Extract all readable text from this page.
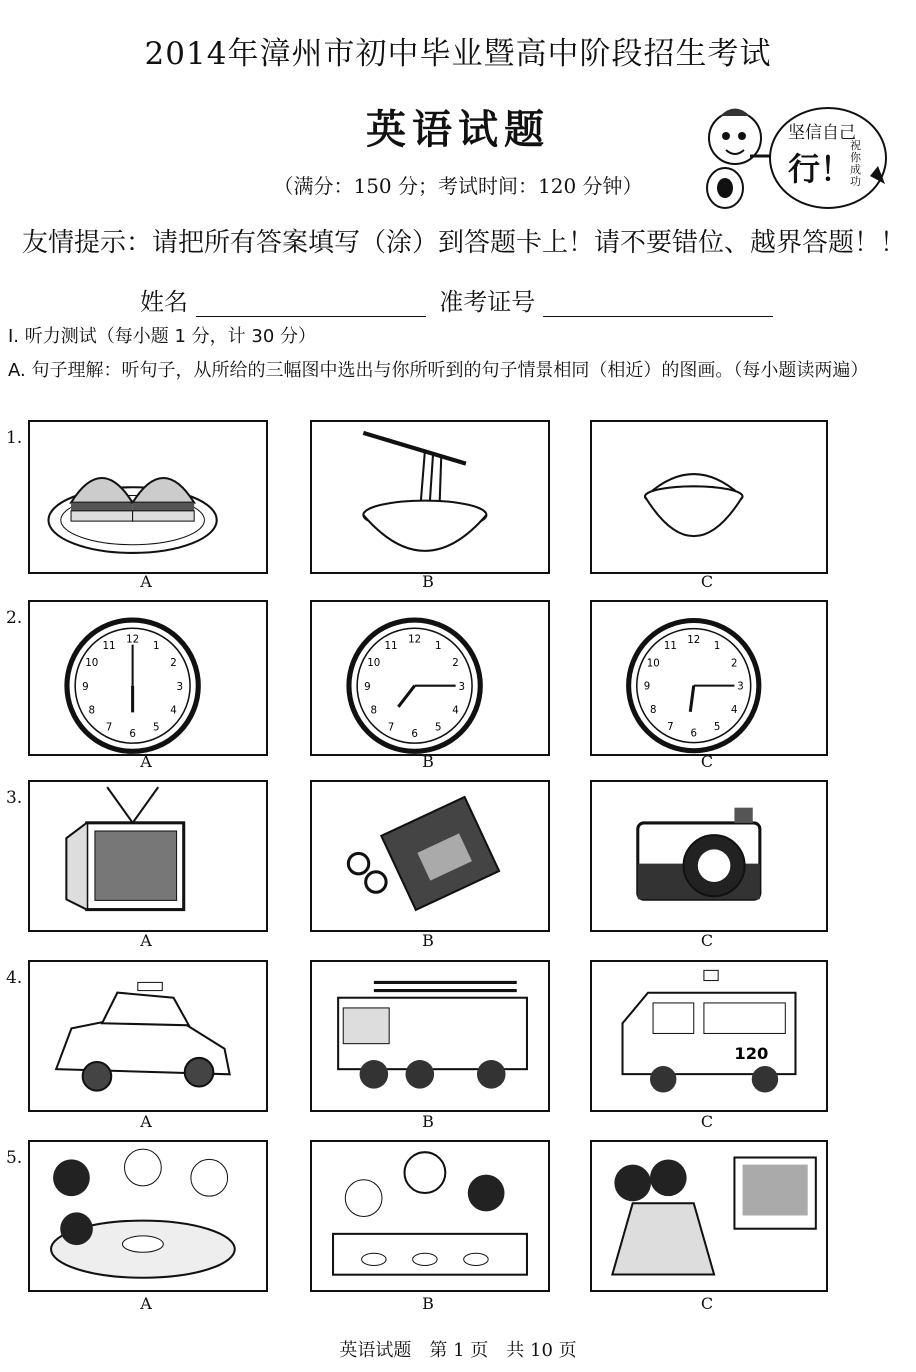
2014年漳州市初中毕业暨高中阶段招生考试
英语试题
（满分：150 分；考试时间：120 分钟）
坚信自己
行！
祝你成功
友情提示：请把所有答案填写（涂）到答题卡上！请不要错位、越界答题！！
姓名	准考证号
Ⅰ. 听力测试（每小题 1 分，计 30 分）
A. 句子理解：听句子，从所给的三幅图中选出与你所听到的句子情景相同（相近）的图画。（每小题读两遍）
1.
A	B	C
2.
1
2
3
4
5
6
7
8
9
10
11
12
A
1
2
3
4
5
6
7
8
9
10
11
12
B
1
2
3
4
5
6
7
8
9
10
11
12
C
3.
A	B	C
4.
A	B
120
C
5.
A	B	C
英语试题　第 1 页　共 10 页
